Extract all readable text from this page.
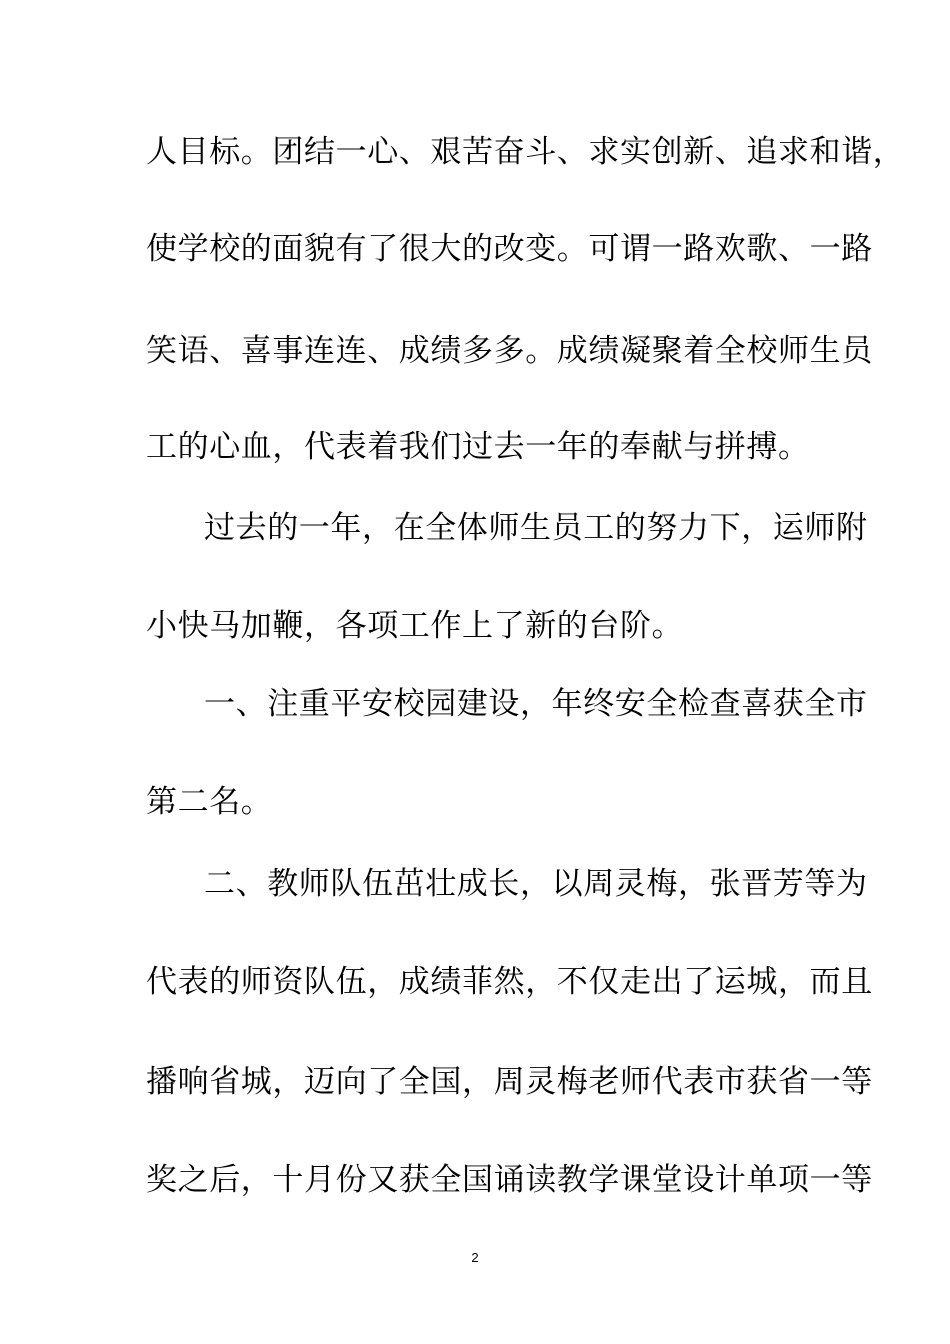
人目标。团结一心、艰苦奋斗、求实创新、追求和谐，
使学校的面貌有了很大的改变。可谓一路欢歌、一路
笑语、喜事连连、成绩多多。成绩凝聚着全校师生员
工的心血，代表着我们过去一年的奉献与拼搏。
过去的一年，在全体师生员工的努力下，运师附
小快马加鞭，各项工作上了新的台阶。
一、注重平安校园建设，年终安全检查喜获全市
第二名。
二、教师队伍茁壮成长，以周灵梅，张晋芳等为
代表的师资队伍，成绩菲然，不仅走出了运城，而且
播响省城，迈向了全国，周灵梅老师代表市获省一等
奖之后，十月份又获全国诵读教学课堂设计单项一等
2
